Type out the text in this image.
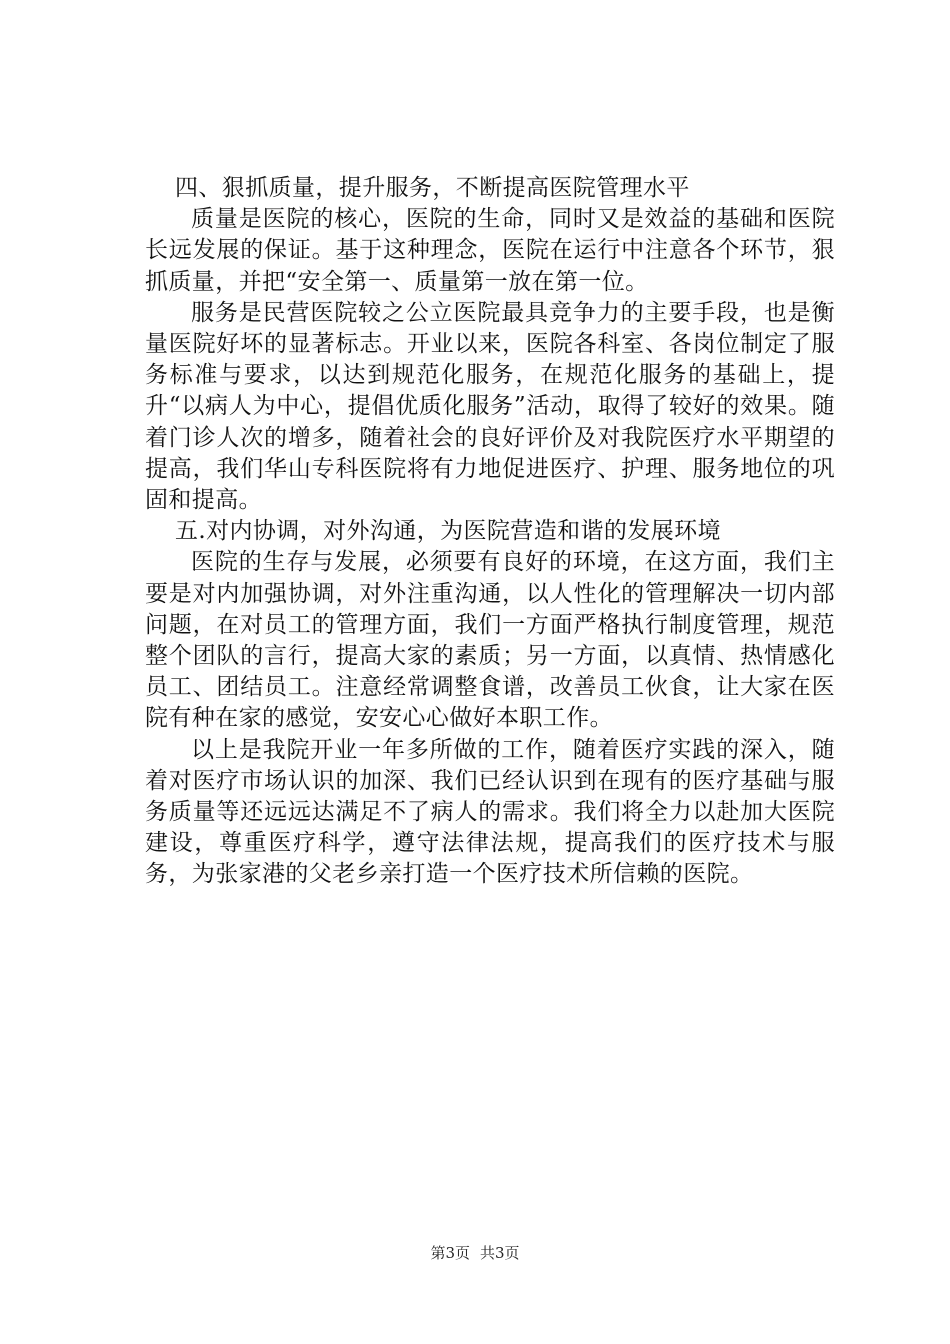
四、狠抓质量，提升服务，不断提高医院管理水平

质量是医院的核心，医院的生命，同时又是效益的基础和医院长远发展的保证。基于这种理念，医院在运行中注意各个环节，狠抓质量，并把“安全第一、质量第一放在第一位。

服务是民营医院较之公立医院最具竞争力的主要手段，也是衡量医院好坏的显著标志。开业以来，医院各科室、各岗位制定了服务标准与要求，以达到规范化服务，在规范化服务的基础上，提升“以病人为中心，提倡优质化服务”活动，取得了较好的效果。随着门诊人次的增多，随着社会的良好评价及对我院医疗水平期望的提高，我们华山专科医院将有力地促进医疗、护理、服务地位的巩固和提高。

五.对内协调，对外沟通，为医院营造和谐的发展环境

医院的生存与发展，必须要有良好的环境，在这方面，我们主要是对内加强协调，对外注重沟通，以人性化的管理解决一切内部问题，在对员工的管理方面，我们一方面严格执行制度管理，规范整个团队的言行，提高大家的素质；另一方面，以真情、热情感化员工、团结员工。注意经常调整食谱，改善员工伙食，让大家在医院有种在家的感觉，安安心心做好本职工作。

以上是我院开业一年多所做的工作，随着医疗实践的深入，随着对医疗市场认识的加深、我们已经认识到在现有的医疗基础与服务质量等还远远达满足不了病人的需求。我们将全力以赴加大医院建设，尊重医疗科学，遵守法律法规，提高我们的医疗技术与服务，为张家港的父老乡亲打造一个医疗技术所信赖的医院。

第3页 共3页
